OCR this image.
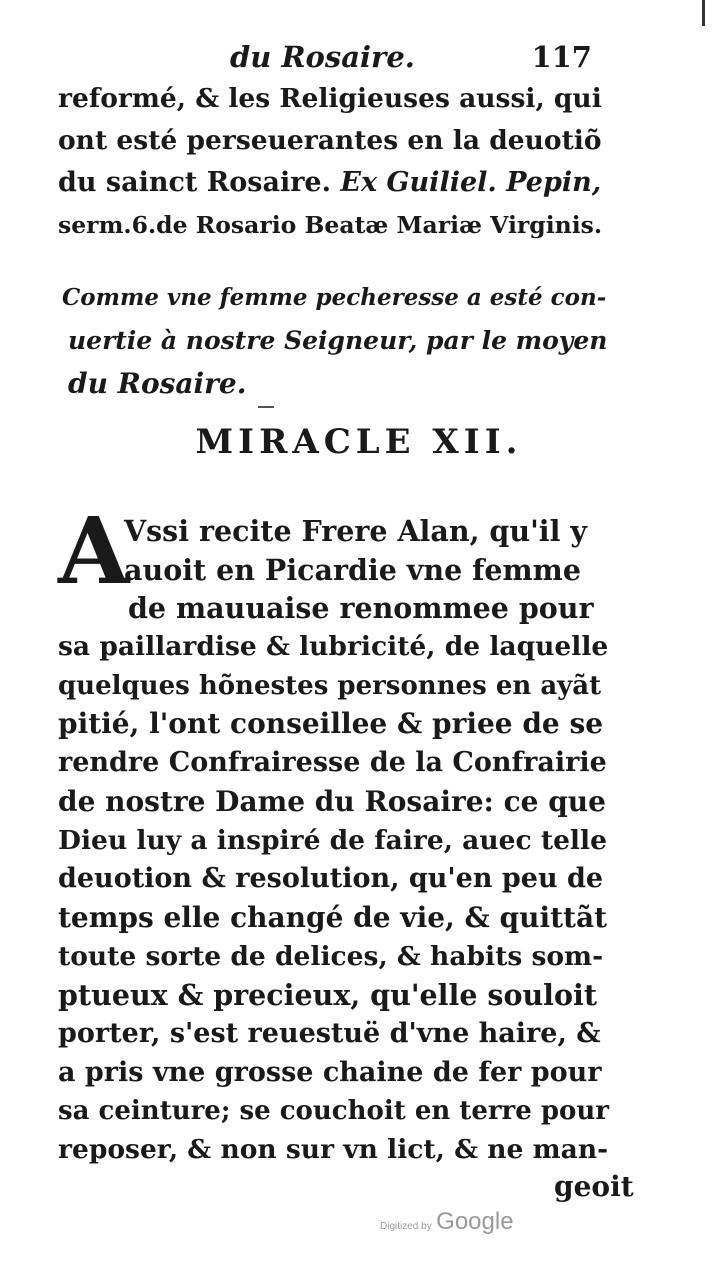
du Rosaire.	117
reformé, & les Religieuses aussi, qui
ont esté perseuerantes en la deuotiõ
du sainct Rosaire. Ex Guiliel. Pepin,
serm.6.de Rosario Beatæ Mariæ Virginis.
Comme vne femme pecheresse a esté con-
uertie à nostre Seigneur, par le moyen
du Rosaire.
MIRACLE XII.
A
Vssi recite Frere Alan, qu'il y
auoit en Picardie vne femme
de mauuaise renommee pour
sa paillardise & lubricité, de laquelle
quelques hõnestes personnes en ayãt
pitié, l'ont conseillee & priee de se
rendre Confrairesse de la Confrairie
de nostre Dame du Rosaire: ce que
Dieu luy a inspiré de faire, auec telle
deuotion & resolution, qu'en peu de
temps elle changé de vie, & quittãt
toute sorte de delices, & habits som-
ptueux & precieux, qu'elle souloit
porter, s'est reuestuë d'vne haire, &
a pris vne grosse chaine de fer pour
sa ceinture; se couchoit en terre pour
reposer, & non sur vn lict, & ne man-
geoit
Digitized by Google
